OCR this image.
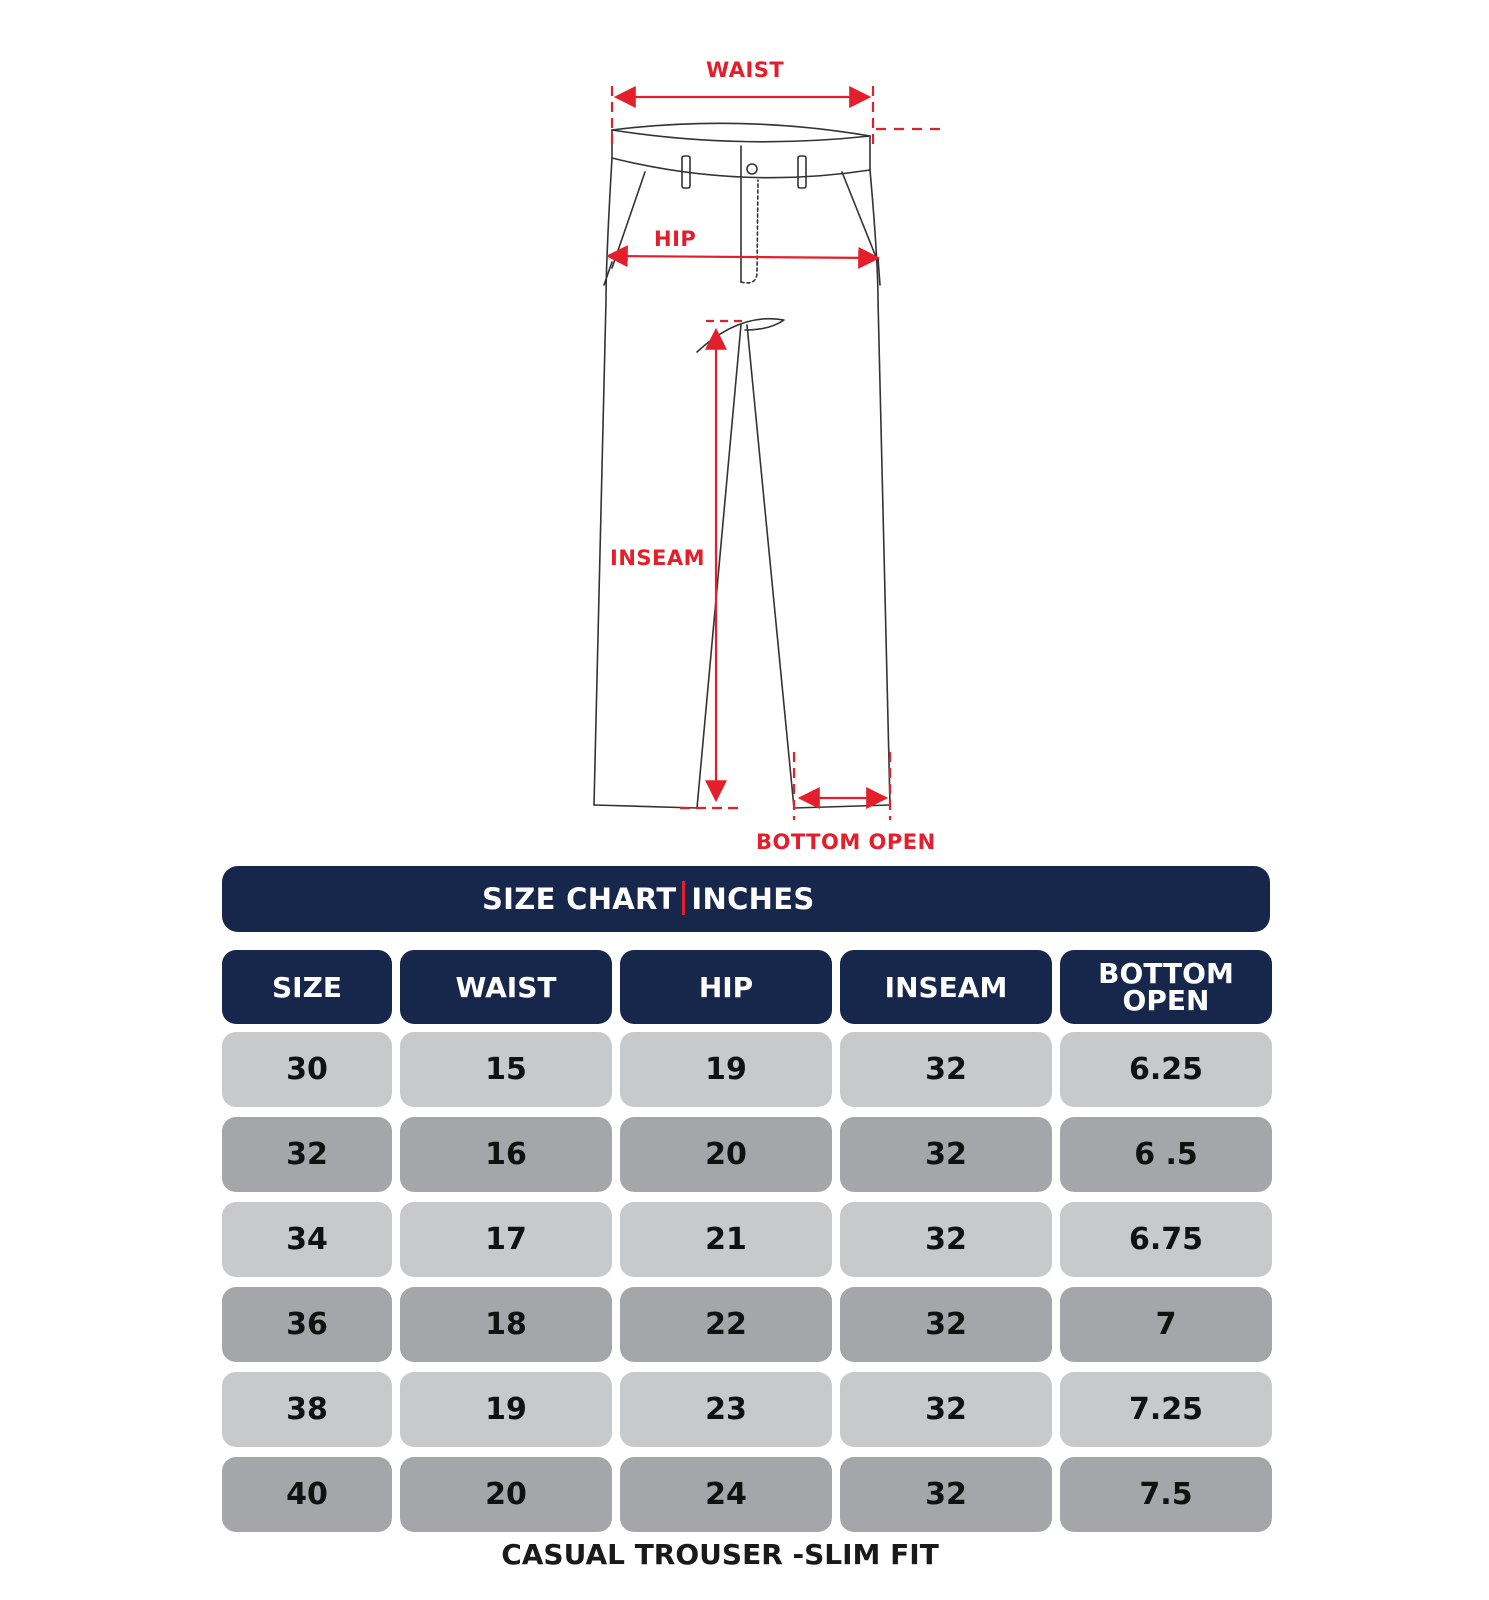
WAIST
HIP
INSEAM
BOTTOM OPEN
SIZE CHART INCHES
SIZE	WAIST	HIP	INSEAM	BOTTOM OPEN
30	15	19	32	6.25
32	16	20	32	6 .5
34	17	21	32	6.75
36	18	22	32	7
38	19	23	32	7.25
40	20	24	32	7.5
CASUAL TROUSER -SLIM FIT
